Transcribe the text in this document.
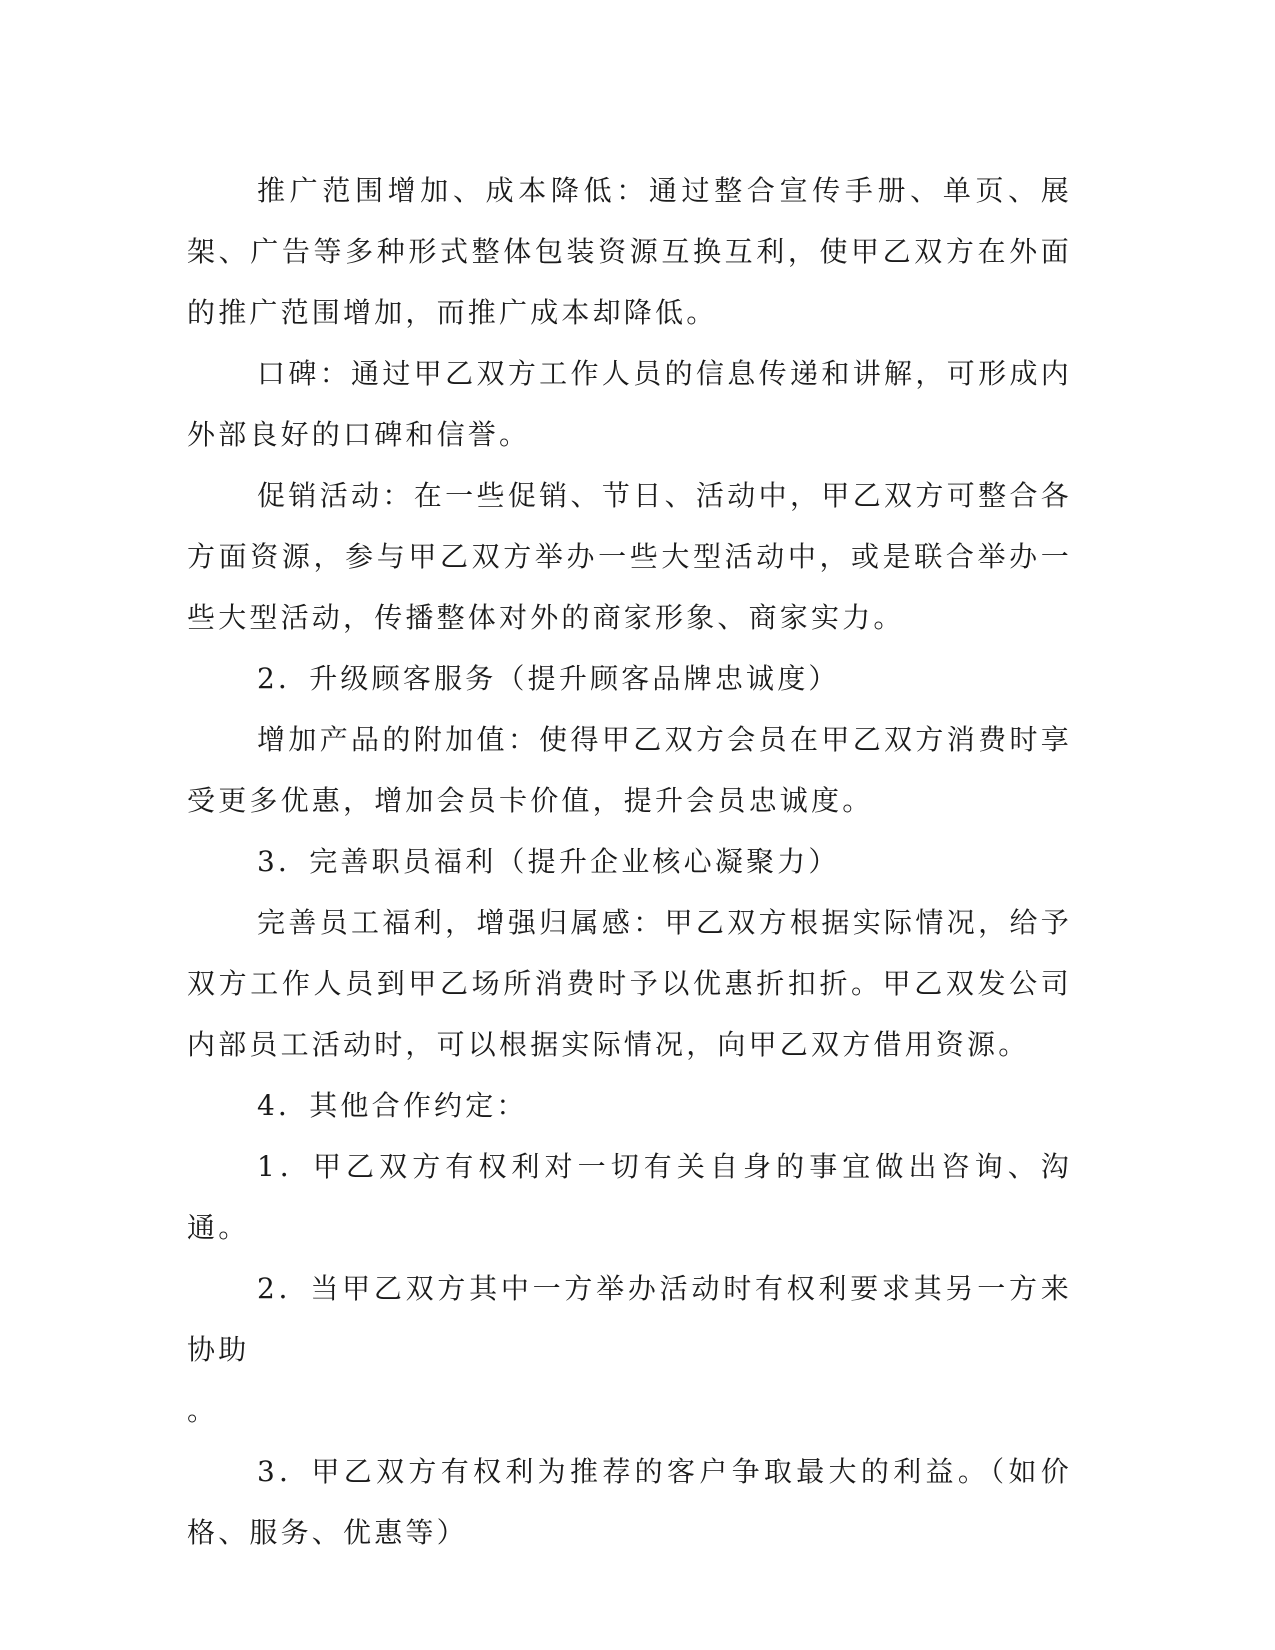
推广范围增加、成本降低：通过整合宣传手册、单页、展架、广告等多种形式整体包装资源互换互利，使甲乙双方在外面的推广范围增加，而推广成本却降低。

口碑：通过甲乙双方工作人员的信息传递和讲解，可形成内外部良好的口碑和信誉。

促销活动：在一些促销、节日、活动中，甲乙双方可整合各方面资源，参与甲乙双方举办一些大型活动中，或是联合举办一些大型活动，传播整体对外的商家形象、商家实力。

2．升级顾客服务（提升顾客品牌忠诚度）

增加产品的附加值：使得甲乙双方会员在甲乙双方消费时享受更多优惠，增加会员卡价值，提升会员忠诚度。

3．完善职员福利（提升企业核心凝聚力）

完善员工福利，增强归属感：甲乙双方根据实际情况，给予双方工作人员到甲乙场所消费时予以优惠折扣折。甲乙双发公司内部员工活动时，可以根据实际情况，向甲乙双方借用资源。

4．其他合作约定：

1．甲乙双方有权利对一切有关自身的事宜做出咨询、沟通。

2．当甲乙双方其中一方举办活动时有权利要求其另一方来协助

。

3．甲乙双方有权利为推荐的客户争取最大的利益。（如价格、服务、优惠等）
